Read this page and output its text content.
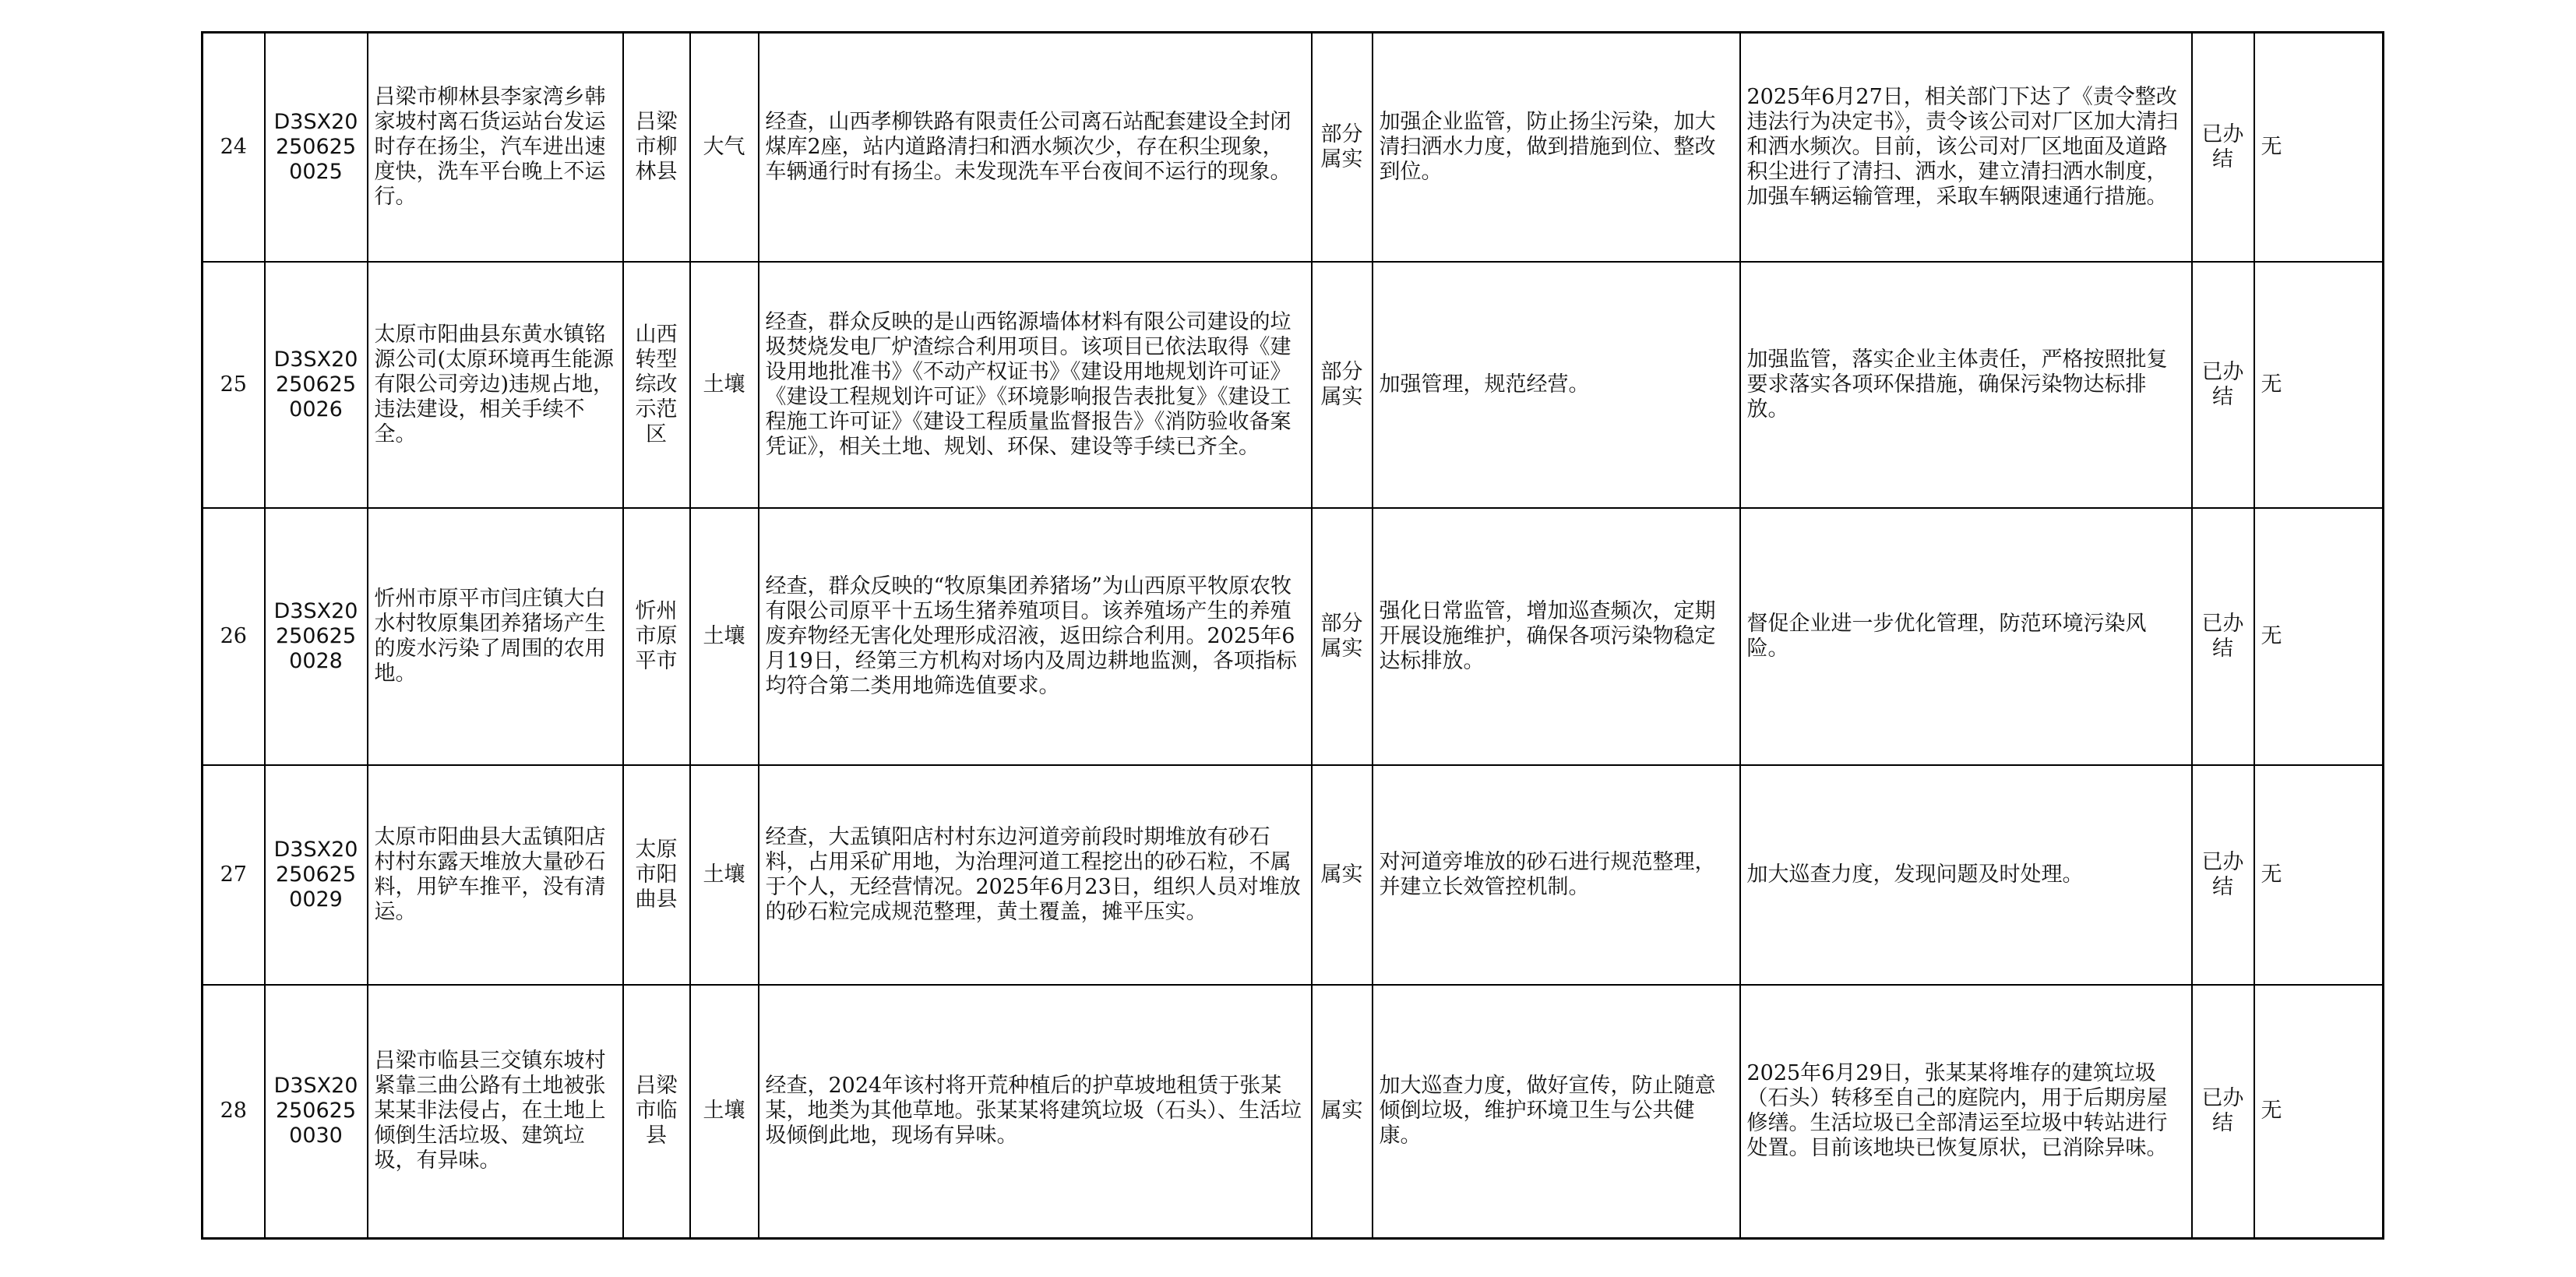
24	D3SX202506250025	吕梁市柳林县李家湾乡韩家坡村离石货运站台发运时存在扬尘，汽车进出速度快，洗车平台晚上不运行。	吕梁市柳林县	大气	经查，山西孝柳铁路有限责任公司离石站配套建设全封闭煤库2座，站内道路清扫和洒水频次少，存在积尘现象，车辆通行时有扬尘。未发现洗车平台夜间不运行的现象。	部分属实	加强企业监管，防止扬尘污染，加大清扫洒水力度，做到措施到位、整改到位。	2025年6月27日，相关部门下达了《责令整改违法行为决定书》，责令该公司对厂区加大清扫和洒水频次。目前，该公司对厂区地面及道路积尘进行了清扫、洒水，建立清扫洒水制度，加强车辆运输管理，采取车辆限速通行措施。	已办结	无
25	D3SX202506250026	太原市阳曲县东黄水镇铭源公司(太原环境再生能源有限公司旁边)违规占地，违法建设，相关手续不全。	山西转型综改示范区	土壤	经查，群众反映的是山西铭源墙体材料有限公司建设的垃圾焚烧发电厂炉渣综合利用项目。该项目已依法取得《建设用地批准书》《不动产权证书》《建设用地规划许可证》《建设工程规划许可证》《环境影响报告表批复》《建设工程施工许可证》《建设工程质量监督报告》《消防验收备案凭证》，相关土地、规划、环保、建设等手续已齐全。	部分属实	加强管理，规范经营。	加强监管，落实企业主体责任，严格按照批复要求落实各项环保措施，确保污染物达标排放。	已办结	无
26	D3SX202506250028	忻州市原平市闫庄镇大白水村牧原集团养猪场产生的废水污染了周围的农用地。	忻州市原平市	土壤	经查，群众反映的“牧原集团养猪场”为山西原平牧原农牧有限公司原平十五场生猪养殖项目。该养殖场产生的养殖废弃物经无害化处理形成沼液，返田综合利用。2025年6月19日，经第三方机构对场内及周边耕地监测，各项指标均符合第二类用地筛选值要求。	部分属实	强化日常监管，增加巡查频次，定期开展设施维护，确保各项污染物稳定达标排放。	督促企业进一步优化管理，防范环境污染风险。	已办结	无
27	D3SX202506250029	太原市阳曲县大盂镇阳店村村东露天堆放大量砂石料，用铲车推平，没有清运。	太原市阳曲县	土壤	经查，大盂镇阳店村村东边河道旁前段时期堆放有砂石料，占用采矿用地，为治理河道工程挖出的砂石粒，不属于个人，无经营情况。2025年6月23日，组织人员对堆放的砂石粒完成规范整理，黄土覆盖，摊平压实。	属实	对河道旁堆放的砂石进行规范整理，并建立长效管控机制。	加大巡查力度，发现问题及时处理。	已办结	无
28	D3SX202506250030	吕梁市临县三交镇东坡村紧靠三曲公路有土地被张某某非法侵占，在土地上倾倒生活垃圾、建筑垃圾，有异味。	吕梁市临县	土壤	经查，2024年该村将开荒种植后的护草坡地租赁于张某某，地类为其他草地。张某某将建筑垃圾（石头）、生活垃圾倾倒此地，现场有异味。	属实	加大巡查力度，做好宣传，防止随意倾倒垃圾，维护环境卫生与公共健康。	2025年6月29日，张某某将堆存的建筑垃圾（石头）转移至自己的庭院内，用于后期房屋修缮。生活垃圾已全部清运至垃圾中转站进行处置。目前该地块已恢复原状，已消除异味。	已办结	无
